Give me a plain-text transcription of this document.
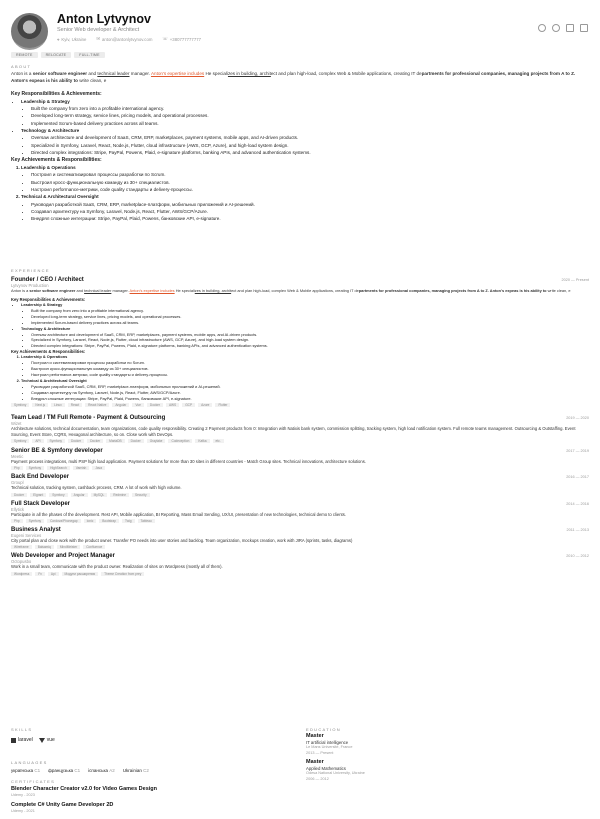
Anton Lytvynov
Senior Web developer & Architect
⌖ Kyiv, Ukraine ✉ anton@antonlytvynov.com ☏ +380777777777
REMOTE	RELOCATE	FULL-TIME
ABOUT
Anton is a senior software engineer and technical leader manager. Anton's expertise includes He specializes in building, architect and plan high-load, complex Web & Mobile applications, creating IT departments for professional companies, managing projects from A to Z. Anton's expeas is his ability to write clean, e
Key Responsibilities & Achievements:
• Leadership & Strategy
• Built the company from zero into a profitable international agency.
• Developed long-term strategy, service lines, pricing models, and operational processes.
• Implemented Scrum-based delivery practices across all teams.
• Technology & Architecture
• Oversaw architecture and development of SaaS, CRM, ERP, marketplaces, payment systems, mobile apps, and AI-driven products.
• Specialized in Symfony, Laravel, React, Node.js, Flutter, cloud infrastructure (AWS, GCP, Azure), and high-load system design.
• Directed complex integrations: Stripe, PayPal, Powens, Plaid, e-signature platforms, banking APIs, and advanced authentication systems.
Key Achievements & Responsibilities:
1. Leadership & Operations
• Построил и систематизировал процессы разработки по Scrum.
• Выстроил кросс-функциональную команду из 30+ специалистов.
• Настроил performance-метрики, code quality стандарты и delivery-процессы.
2. Technical & Architectural Oversight
• Руководил разработкой SaaS, CRM, ERP, marketplace-платформ, мобильных приложений и AI-решений.
• Создавал архитектуру на Symfony, Laravel, Node.js, React, Flutter, AWS/GCP/Azure.
• Внедрял сложные интеграции: Stripe, PayPal, Plaid, Powens, банковские API, e-signature.
EXPERIENCE
Founder / CEO / Architect
Lytvynov Production
2020 — Present
Anton is a senior software engineer and technical leader manager. Anton's expertise includes He specializes in building, architect and plan high-load, complex Web & Mobile applications, creating IT departments for professional companies, managing projects from A to Z. Anton's expeas is his ability to write clean, e
Key Responsibilities & Achievements:
• Leadership & Strategy
• Built the company from zero into a profitable international agency.
• Developed long-term strategy, service lines, pricing models, and operational processes.
• Implemented Scrum-based delivery practices across all teams.
• Technology & Architecture
• Oversaw architecture and development of SaaS, CRM, ERP, marketplaces, payment systems, mobile apps, and AI-driven products.
• Specialized in Symfony, Laravel, React, Node.js, Flutter, cloud infrastructure (AWS, GCP, Azure), and high-load system design.
• Directed complex integrations: Stripe, PayPal, Powens, Plaid, e-signature platforms, banking APIs, and advanced authentication systems.
Key Achievements & Responsibilities:
1. Leadership & Operations
• Построил и систематизировал процессы разработки по Scrum.
• Выстроил кросс-функциональную команду из 30+ специалистов.
• Настроил performance-метрики, code quality стандарты и delivery-процессы.
2. Technical & Architectural Oversight
• Руководил разработкой SaaS, CRM, ERP, marketplace-платформ, мобильных приложений и AI-решений.
• Создавал архитектуру на Symfony, Laravel, Node.js, React, Flutter, AWS/GCP/Azure.
• Внедрял сложные интеграции: Stripe, PayPal, Plaid, Powens, банковские API, e-signature.
Symfony	Next.js	Linux	React	React Native	Angular	Vue	Docker	AWS	GCP	Azure	Flutter
Team Lead / TM Full Remote - Payment & Outsourcing
Wizet
2019 — 2020
Architecture solutions, technical documentation, team organizations, code quality responsibility. Creating 2 Payment products from 0: Integration with Natixis bank system, commission splitting, tracking system, high load notification system. Full remote teams management. Outsourcing & Outstaffing. Event Sourcing, Event Store, CQRS, Hexagonal architecture, so on. Close work with DevOps.
Symfony	API	Symfony	Docker	Docker	MariaDB	Docker	Graylake	Codeception	Kafka	etc.
Senior BE & Symfony developer
Meetic
2017 — 2019
Payment process integrations, multi PSP high load application. Payment solutions for more than 30 sites in different countries - Match Group sites. Technical innovations, architecture solutions.
Php	Symfony	HighSearch	Varnish	Java
Back End Developer
Groupl
2016 — 2017
Technical solution, tracking system, cashback process, CRM. A lot of work with high volume.
Docker	Elgrant	Symfony	Angular	MySQL	Redmine	Security
Full Stack Developer
Ellytick
2014 — 2016
Participate in all the phases of the development. Rest API, Mobile application, BI Reporting, Mass Email Sending, UX/UI, presentation of new technologies, technical demo to clients.
Php	Symfony	Cordova/Phonegap	Ionic	Bootstrap	Twig	Tableau
Business Analyst
Eugeni Services
2011 — 2013
City portal plan and close work with the product owner. Transfer PO needs into user stories and backlog. Team organization, mockups creation, work with JIRA (sprints, tasks, diagrams)
Wireframe	Balsamiq	MindMeister	Confluence
Web Developer and Project Manager
Octopusbo
2010 — 2012
Work in a small team, communicate with the product owner. Realization of sites on Wordpress (mostly all of them).
Wordpress	Fx	Api	Модули расширения	Theme Creation from prey
SKILLS
laravel	vue
LANGUAGES
українська C1 французька C1 іспанська A2 Ukrainian C2
CERTIFICATES
Blender Character Creator v2.0 for Video Games Design
Udemy - 2023
Complete C# Unity Game Developer 2D
Udemy - 2021
EDUCATION
Master
IT artificial intelligence
Le Mans Université, France
2013 — Present
Master
Applied Mathematics
Odesa National University, Ukraine
2006 — 2012
